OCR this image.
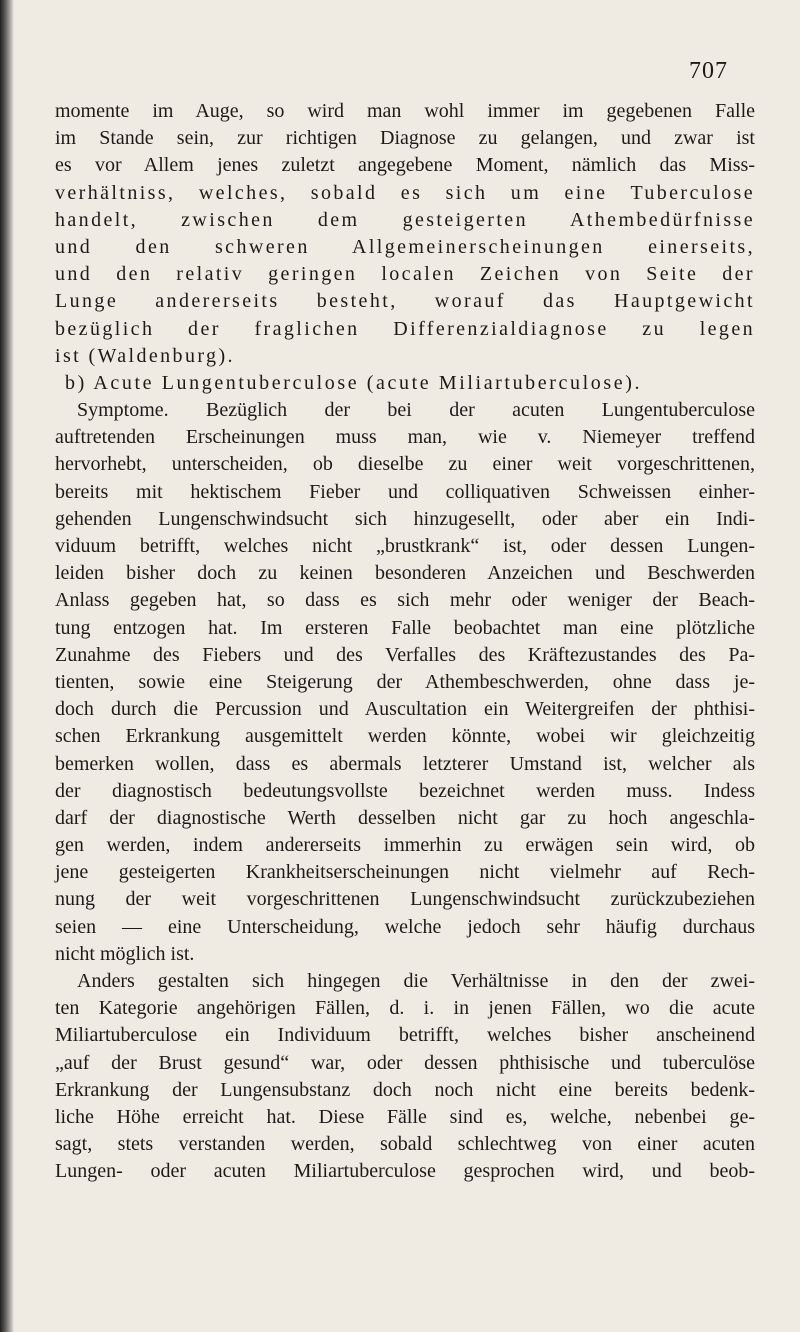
707
momente im Auge, so wird man wohl immer im gegebenen Falle
im Stande sein, zur richtigen Diagnose zu gelangen, und zwar ist
es vor Allem jenes zuletzt angegebene Moment, nämlich das Miss-
verhältniss, welches, sobald es sich um eine Tuberculose
handelt, zwischen dem gesteigerten Athembedürfnisse
und den schweren Allgemeinerscheinungen einerseits,
und den relativ geringen localen Zeichen von Seite der
Lunge andererseits besteht, worauf das Hauptgewicht
bezüglich der fraglichen Differenzialdiagnose zu legen
ist (Waldenburg).
b) Acute Lungentuberculose (acute Miliartuberculose).
Symptome. Bezüglich der bei der acuten Lungentuberculose
auftretenden Erscheinungen muss man, wie v. Niemeyer treffend
hervorhebt, unterscheiden, ob dieselbe zu einer weit vorgeschrittenen,
bereits mit hektischem Fieber und colliquativen Schweissen einher-
gehenden Lungenschwindsucht sich hinzugesellt, oder aber ein Indi-
viduum betrifft, welches nicht „brustkrank“ ist, oder dessen Lungen-
leiden bisher doch zu keinen besonderen Anzeichen und Beschwerden
Anlass gegeben hat, so dass es sich mehr oder weniger der Beach-
tung entzogen hat. Im ersteren Falle beobachtet man eine plötzliche
Zunahme des Fiebers und des Verfalles des Kräftezustandes des Pa-
tienten, sowie eine Steigerung der Athembeschwerden, ohne dass je-
doch durch die Percussion und Auscultation ein Weitergreifen der phthisi-
schen Erkrankung ausgemittelt werden könnte, wobei wir gleichzeitig
bemerken wollen, dass es abermals letzterer Umstand ist, welcher als
der diagnostisch bedeutungsvollste bezeichnet werden muss. Indess
darf der diagnostische Werth desselben nicht gar zu hoch angeschla-
gen werden, indem andererseits immerhin zu erwägen sein wird, ob
jene gesteigerten Krankheitserscheinungen nicht vielmehr auf Rech-
nung der weit vorgeschrittenen Lungenschwindsucht zurückzubeziehen
seien — eine Unterscheidung, welche jedoch sehr häufig durchaus
nicht möglich ist.
Anders gestalten sich hingegen die Verhältnisse in den der zwei-
ten Kategorie angehörigen Fällen, d. i. in jenen Fällen, wo die acute
Miliartuberculose ein Individuum betrifft, welches bisher anscheinend
„auf der Brust gesund“ war, oder dessen phthisische und tuberculöse
Erkrankung der Lungensubstanz doch noch nicht eine bereits bedenk-
liche Höhe erreicht hat. Diese Fälle sind es, welche, nebenbei ge-
sagt, stets verstanden werden, sobald schlechtweg von einer acuten
Lungen- oder acuten Miliartuberculose gesprochen wird, und beob-
